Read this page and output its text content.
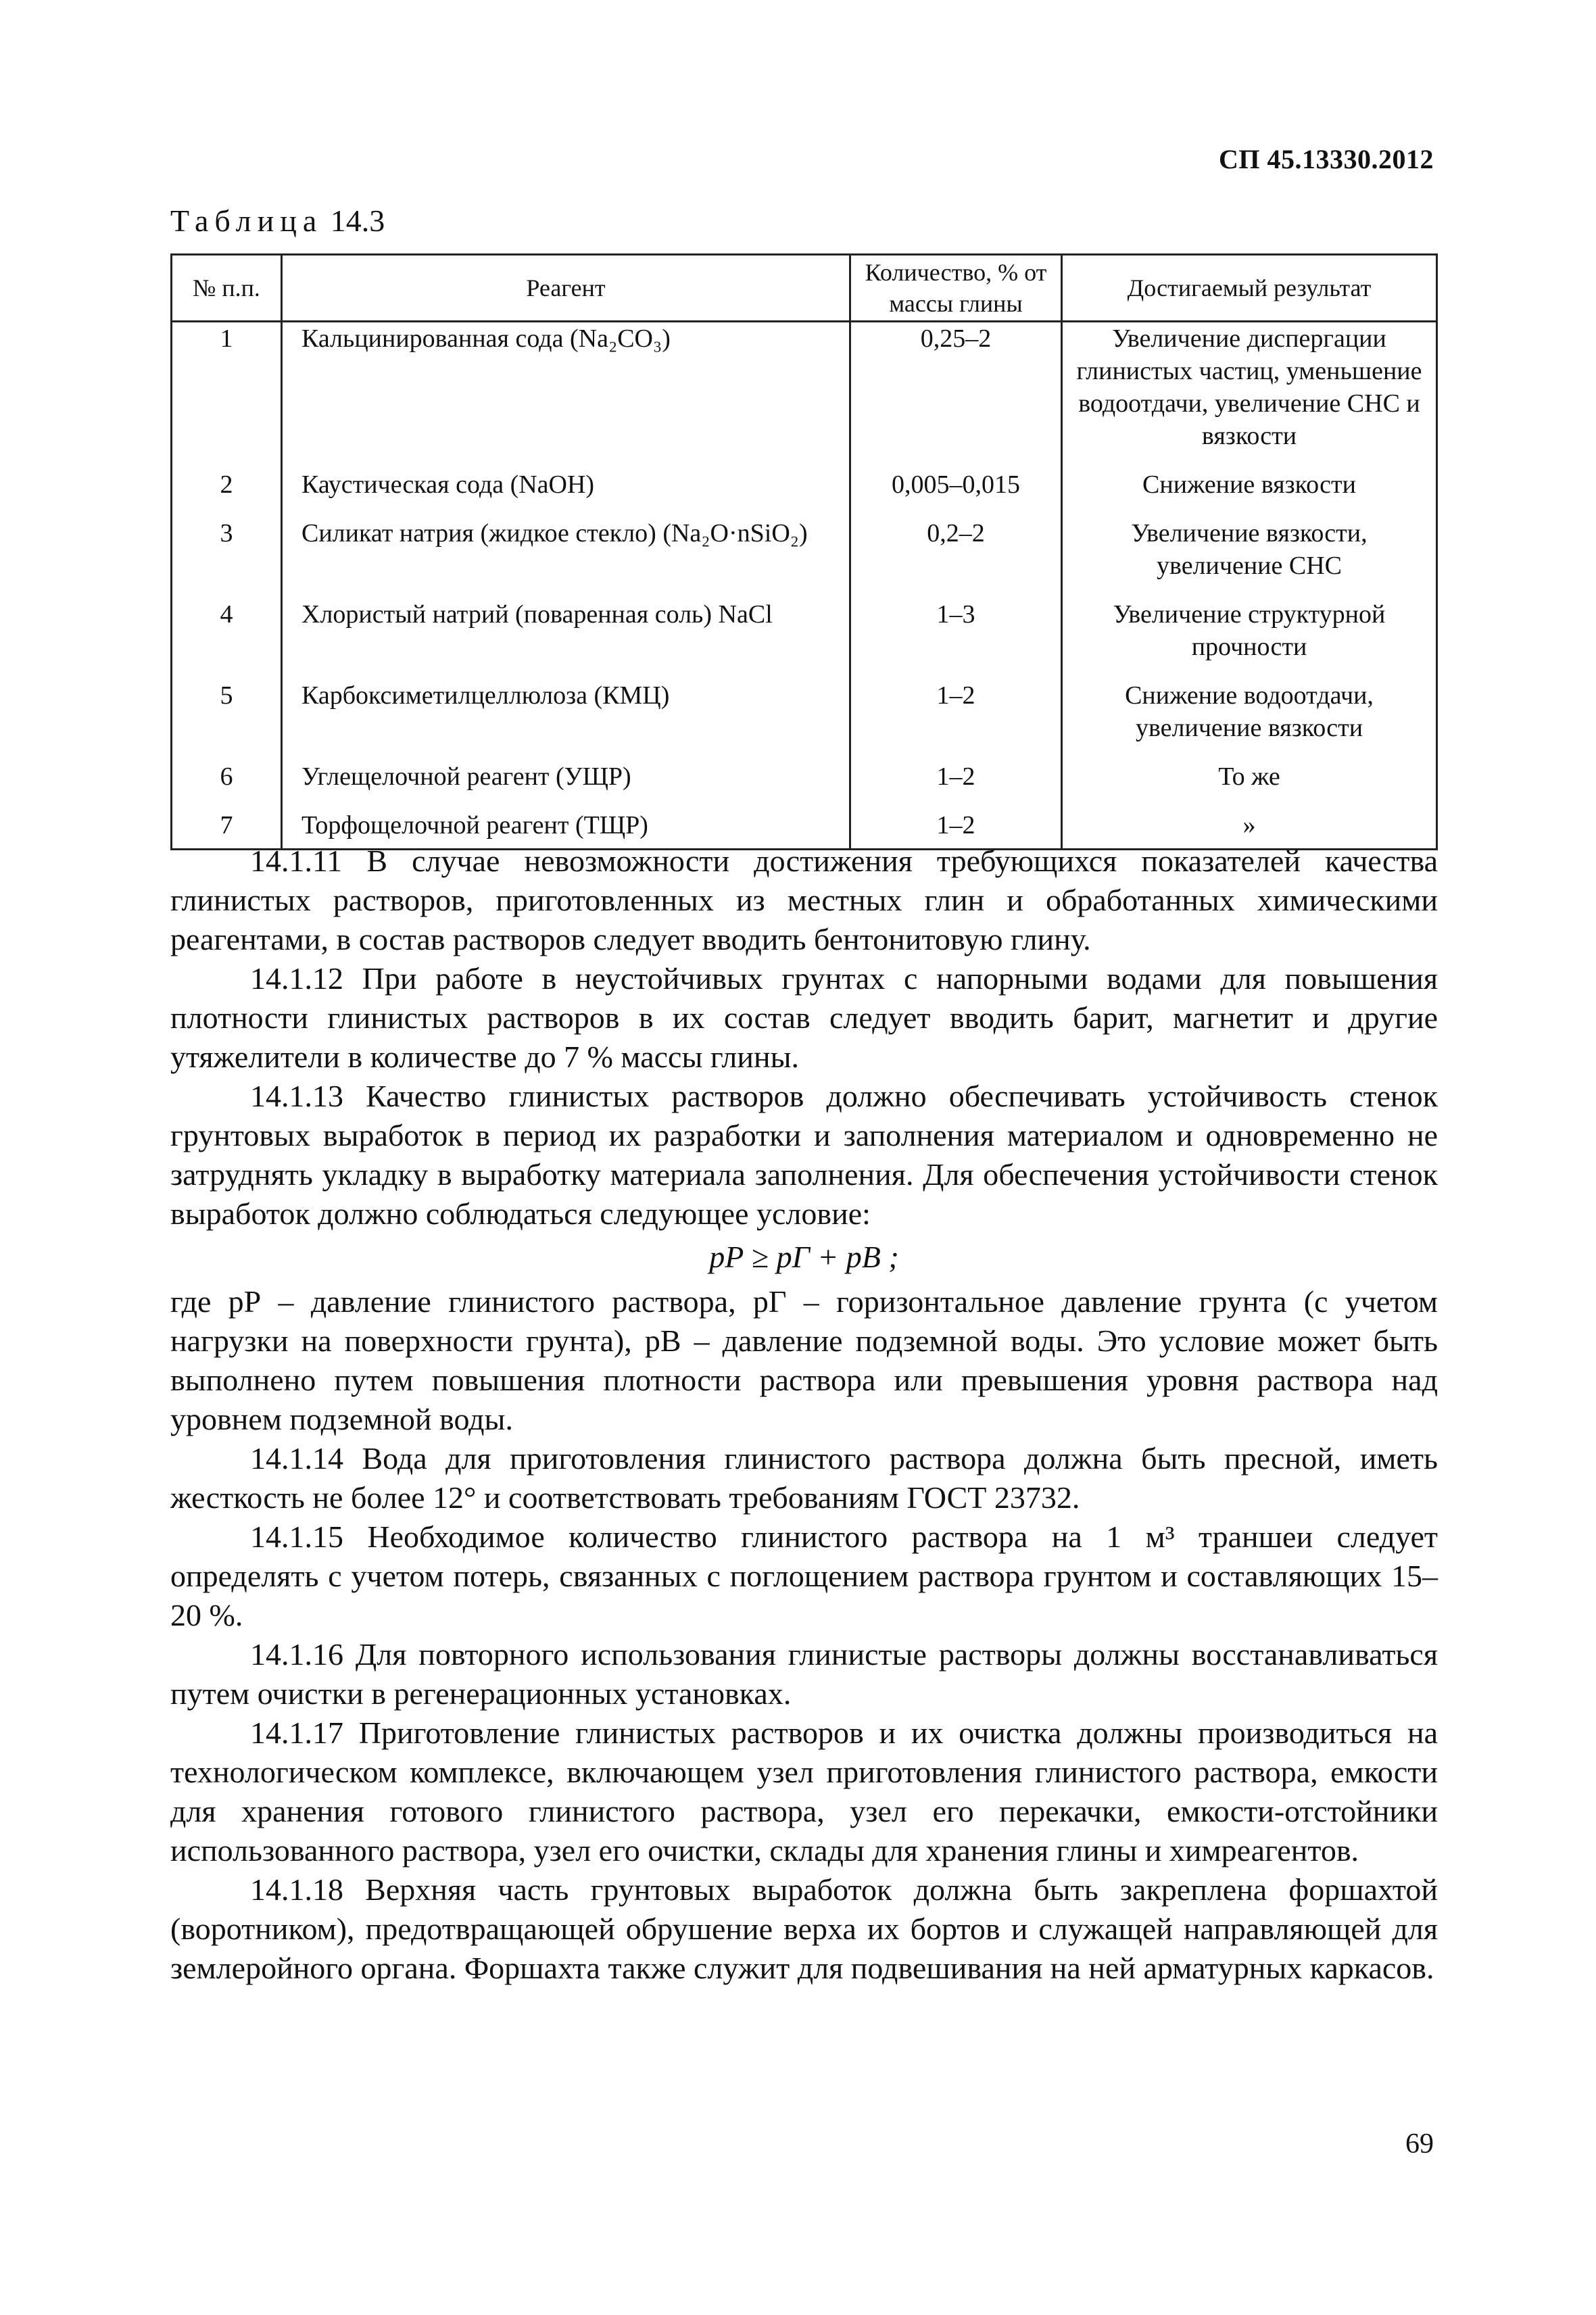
СП 45.13330.2012
Таблица 14.3
№ п.п.	Реагент	Количество, % от массы глины	Достигаемый результат
1	Кальцинированная сода (Na₂CO₃)	0,25–2	Увеличение диспергации глинистых частиц, уменьшение водоотдачи, увеличение СНС и вязкости
2	Каустическая сода (NaOH)	0,005–0,015	Снижение вязкости
3	Силикат натрия (жидкое стекло) (Na₂O·nSiO₂)	0,2–2	Увеличение вязкости, увеличение СНС
4	Хлористый натрий (поваренная соль) NaCl	1–3	Увеличение структурной прочности
5	Карбоксиметилцеллюлоза (КМЦ)	1–2	Снижение водоотдачи, увеличение вязкости
6	Углещелочной реагент (УЩР)	1–2	То же
7	Торфощелочной реагент (ТЩР)	1–2	»

14.1.11 В случае невозможности достижения требующихся показателей качества глинистых растворов, приготовленных из местных глин и обработанных химическими реагентами, в состав растворов следует вводить бентонитовую глину.

14.1.12 При работе в неустойчивых грунтах с напорными водами для повышения плотности глинистых растворов в их состав следует вводить барит, магнетит и другие утяжелители в количестве до 7 % массы глины.

14.1.13 Качество глинистых растворов должно обеспечивать устойчивость стенок грунтовых выработок в период их разработки и заполнения материалом и одновременно не затруднять укладку в выработку материала заполнения. Для обеспечения устойчивости стенок выработок должно соблюдаться следующее условие:

pР ≥ pГ + pВ ;

где pР – давление глинистого раствора, pГ – горизонтальное давление грунта (с учетом нагрузки на поверхности грунта), pВ – давление подземной воды. Это условие может быть выполнено путем повышения плотности раствора или превышения уровня раствора над уровнем подземной воды.

14.1.14 Вода для приготовления глинистого раствора должна быть пресной, иметь жесткость не более 12° и соответствовать требованиям ГОСТ 23732.

14.1.15 Необходимое количество глинистого раствора на 1 м³ траншеи следует определять с учетом потерь, связанных с поглощением раствора грунтом и составляющих 15–20 %.

14.1.16 Для повторного использования глинистые растворы должны восстанавливаться путем очистки в регенерационных установках.

14.1.17 Приготовление глинистых растворов и их очистка должны производиться на технологическом комплексе, включающем узел приготовления глинистого раствора, емкости для хранения готового глинистого раствора, узел его перекачки, емкости-отстойники использованного раствора, узел его очистки, склады для хранения глины и химреагентов.

14.1.18 Верхняя часть грунтовых выработок должна быть закреплена форшахтой (воротником), предотвращающей обрушение верха их бортов и служащей направляющей для землеройного органа. Форшахта также служит для подвешивания на ней арматурных каркасов.

69
